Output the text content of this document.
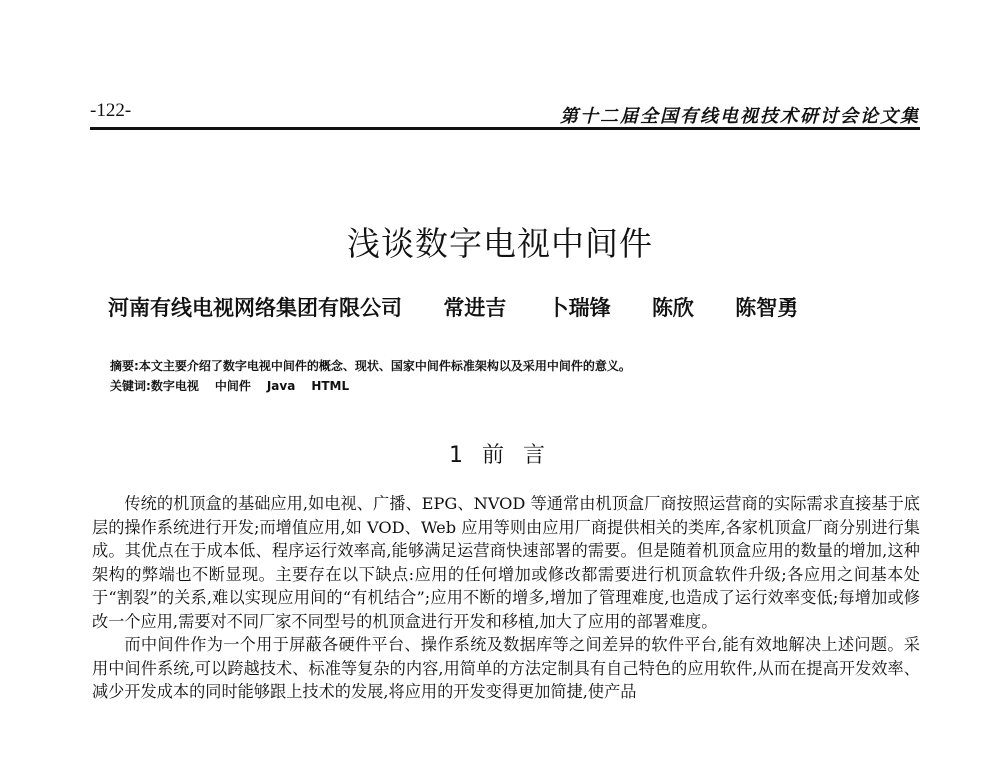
-122-	第十二届全国有线电视技术研讨会论文集
浅谈数字电视中间件
河南有线电视网络集团有限公司 常进吉 卜瑞锋 陈欣 陈智勇
摘要:本文主要介绍了数字电视中间件的概念、现状、国家中间件标准架构以及采用中间件的意义。
关键词:数字电视 中间件 Java HTML
1 前 言

传统的机顶盒的基础应用,如电视、广播、EPG、NVOD 等通常由机顶盒厂商按照运营商的实际需求直接基于底层的操作系统进行开发;而增值应用,如 VOD、Web 应用等则由应用厂商提供相关的类库,各家机顶盒厂商分别进行集成。其优点在于成本低、程序运行效率高,能够满足运营商快速部署的需要。但是随着机顶盒应用的数量的增加,这种架构的弊端也不断显现。主要存在以下缺点:应用的任何增加或修改都需要进行机顶盒软件升级;各应用之间基本处于“割裂”的关系,难以实现应用间的“有机结合”;应用不断的增多,增加了管理难度,也造成了运行效率变低;每增加或修改一个应用,需要对不同厂家不同型号的机顶盒进行开发和移植,加大了应用的部署难度。

而中间件作为一个用于屏蔽各硬件平台、操作系统及数据库等之间差异的软件平台,能有效地解决上述问题。采用中间件系统,可以跨越技术、标准等复杂的内容,用简单的方法定制具有自己特色的应用软件,从而在提高开发效率、减少开发成本的同时能够跟上技术的发展,将应用的开发变得更加简捷,使产品
